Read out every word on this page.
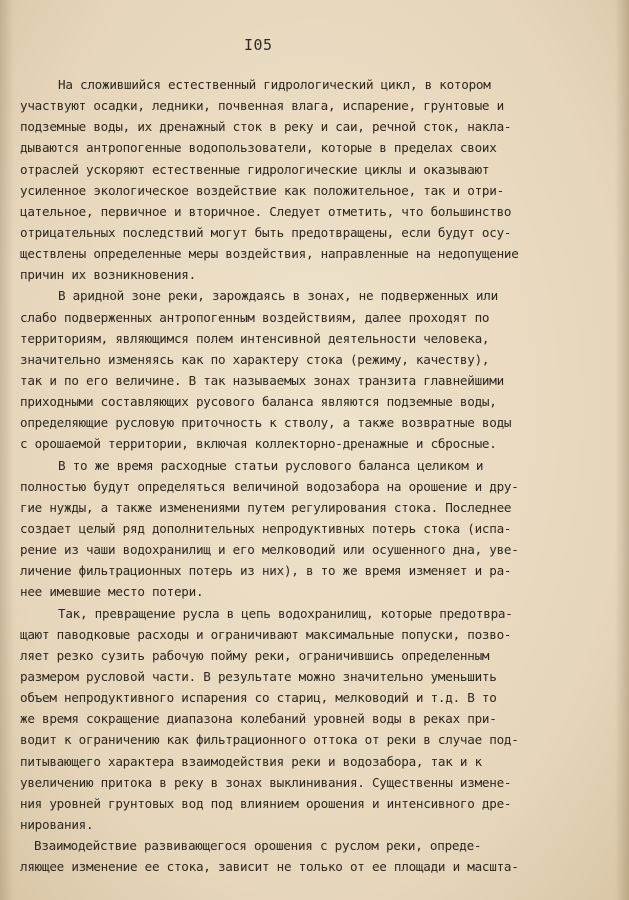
I05
На сложившийся естественный гидрологический цикл, в котором
участвуют осадки, ледники, почвенная влага, испарение, грунтовые и
подземные воды, их дренажный сток в реку и саи, речной сток, накла-
дываются антропогенные водопользователи, которые в пределах своих
отраслей ускоряют естественные гидрологические циклы и оказывают
усиленное экологическое воздействие как положительное, так и отри-
цательное, первичное и вторичное. Следует отметить, что большинство
отрицательных последствий могут быть предотвращены, если будут осу-
ществлены определенные меры воздействия, направленные на недопущение
причин их возникновения.
В аридной зоне реки, зарождаясь в зонах, не подверженных или
слабо подверженных антропогенным воздействиям, далее проходят по
территориям, являющимся полем интенсивной деятельности человека,
значительно изменяясь как по характеру стока (режиму, качеству),
так и по его величине. В так называемых зонах транзита главнейшими
приходными составляющих русового баланса являются подземные воды,
определяющие русловую приточность к стволу, а также возвратные воды
с орошаемой территории, включая коллекторно-дренажные и сбросные.
В то же время расходные статьи руслового баланса целиком и
полностью будут определяться величиной водозабора на орошение и дру-
гие нужды, а также изменениями путем регулирования стока. Последнее
создает целый ряд дополнительных непродуктивных потерь стока (испа-
рение из чаши водохранилищ и его мелководий или осушенного дна, уве-
личение фильтрационных потерь из них), в то же время изменяет и ра-
нее имевшие место потери.
Так, превращение русла в цепь водохранилищ, которые предотвра-
щают паводковые расходы и ограничивают максимальные попуски, позво-
ляет резко сузить рабочую пойму реки, ограничившись определенным
размером русловой части. В результате можно значительно уменьшить
объем непродуктивного испарения со стариц, мелководий и т.д. В то
же время сокращение диапазона колебаний уровней воды в реках при-
водит к ограничению как фильтрационного оттока от реки в случае под-
питывающего характера взаимодействия реки и водозабора, так и к
увеличению притока в реку в зонах выклинивания. Существенны измене-
ния уровней грунтовых вод под влиянием орошения и интенсивного дре-
нирования.
Взаимодействие развивающегося орошения с руслом реки, опреде-
ляющее изменение ее стока, зависит не только от ее площади и масшта-
